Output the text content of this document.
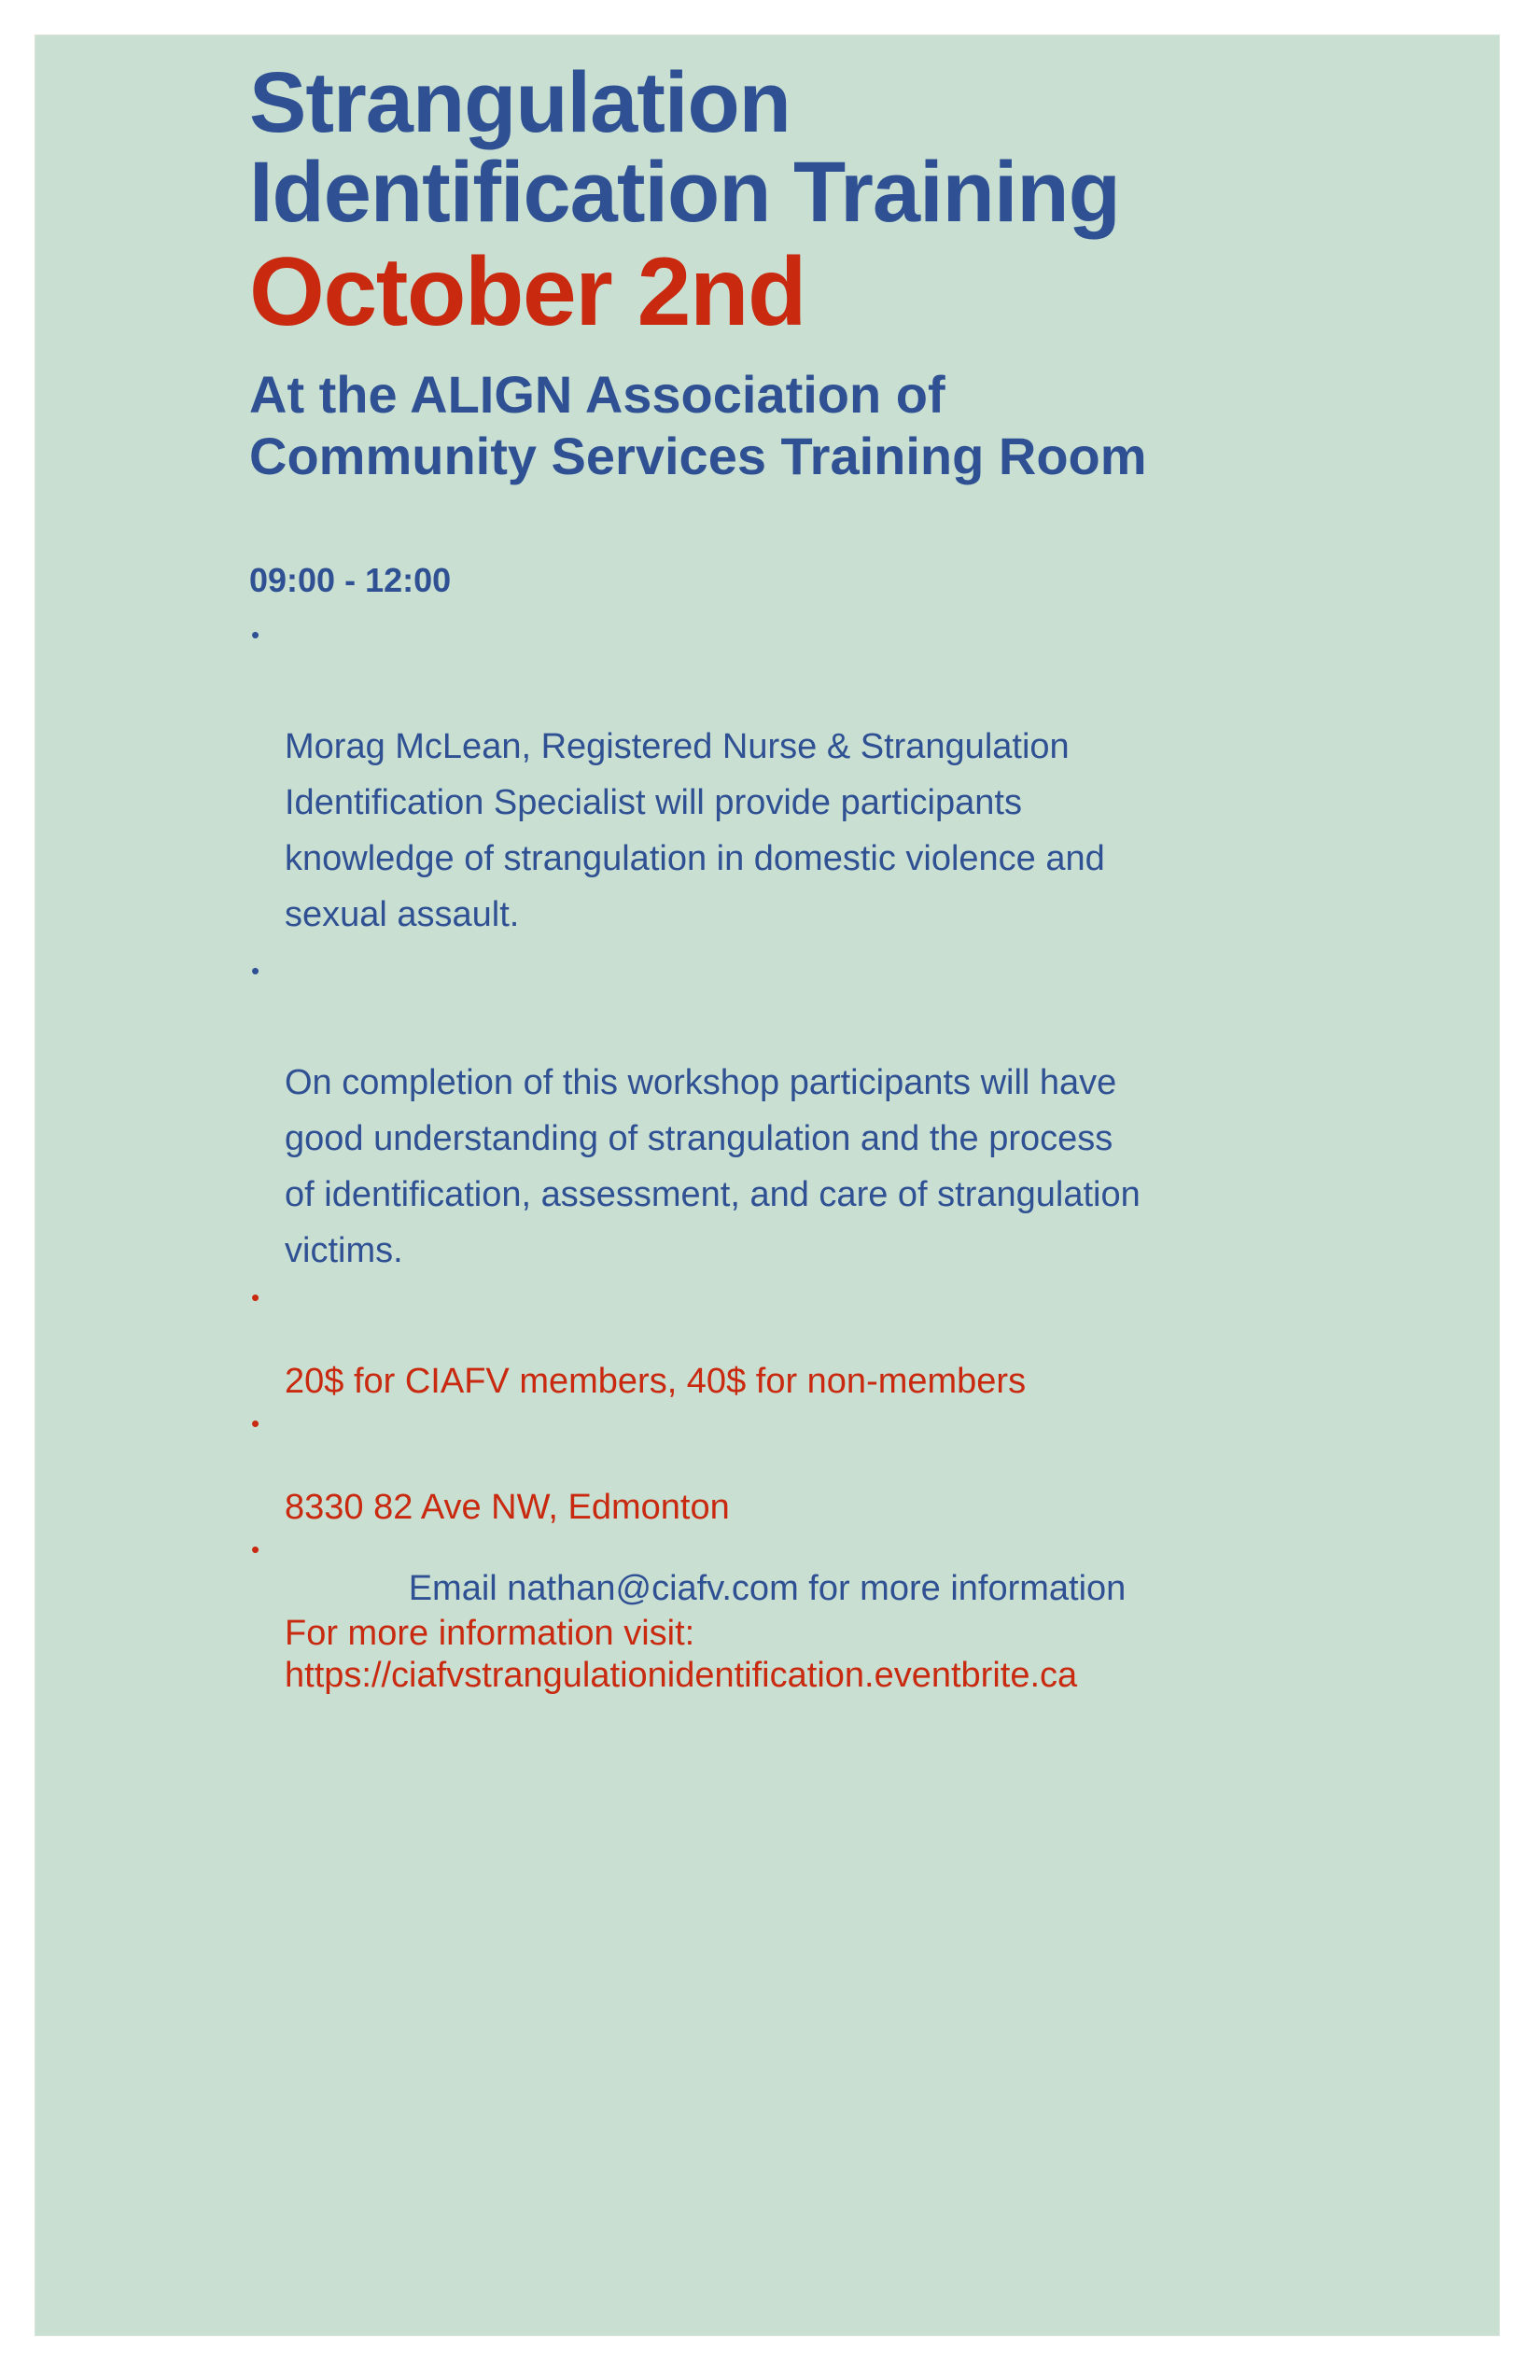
Strangulation
Identification Training
October 2nd
At the ALIGN Association of
Community Services Training Room

09:00 - 12:00

•

Morag McLean, Registered Nurse & Strangulation
Identification Specialist will provide participants
knowledge of strangulation in domestic violence and
sexual assault.

•

On completion of this workshop participants will have
good understanding of strangulation and the process
of identification, assessment, and care of strangulation
victims.

•

20$ for CIAFV members, 40$ for non-members

•

8330 82 Ave NW, Edmonton

•

For more information visit:
https://ciafvstrangulationidentification.eventbrite.ca

Email nathan@ciafv.com for more information
